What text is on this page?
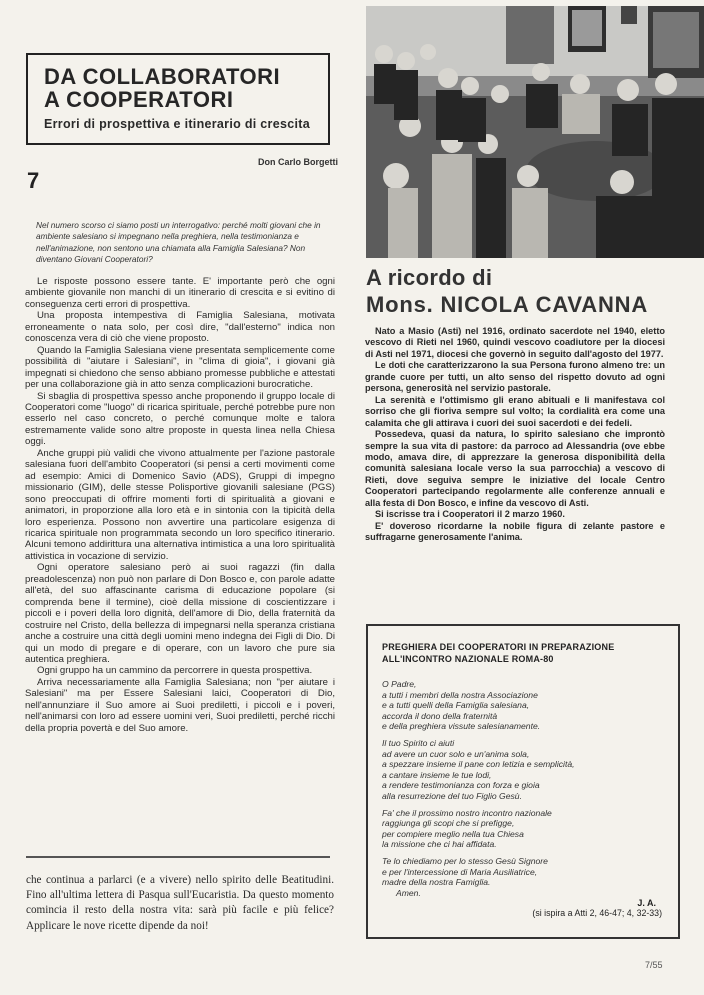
DA COLLABORATORI
A COOPERATORI
Errori di prospettiva e itinerario di crescita
Don Carlo Borgetti
7
Nel numero scorso ci siamo posti un interrogativo: perché molti giovani che in ambiente salesiano si impegnano nella preghiera, nella testimonianza e nell'animazione, non sentono una chiamata alla Famiglia Salesiana? Non diventano Giovani Cooperatori?

Le risposte possono essere tante. E' importante però che ogni ambiente giovanile non manchi di un itinerario di crescita e si evitino di conseguenza certi errori di prospettiva.

Una proposta intempestiva di Famiglia Salesiana, motivata erroneamente o nata solo, per così dire, "dall'esterno" indica non conoscenza vera di ciò che viene proposto.

Quando la Famiglia Salesiana viene presentata semplicemente come possibilità di "aiutare i Salesiani", in "clima di gioia", i giovani già impegnati si chiedono che senso abbiano promesse pubbliche e attestati per una collaborazione già in atto senza complicazioni burocratiche.

Si sbaglia di prospettiva spesso anche proponendo il gruppo locale di Cooperatori come "luogo" di ricarica spirituale, perché potrebbe pure non esserlo nel caso concreto, o perché comunque molte e talora estremamente valide sono altre proposte in questa linea nella Chiesa oggi.

Anche gruppi più validi che vivono attualmente per l'azione pastorale salesiana fuori dell'ambito Cooperatori (si pensi a certi movimenti come ad esempio: Amici di Domenico Savio (ADS), Gruppi di impegno missionario (GIM), delle stesse Polisportive giovanili salesiane (PGS) sono preoccupati di offrire momenti forti di spiritualità a giovani e animatori, in proporzione alla loro età e in sintonia con la tipicità della loro esperienza. Possono non avvertire una particolare esigenza di ricarica spirituale non programmata secondo un loro specifico itinerario. Alcuni temono addirittura una alternativa intimistica a una loro spiritualità attivistica in vocazione di servizio.

Ogni operatore salesiano però ai suoi ragazzi (fin dalla preadolescenza) non può non parlare di Don Bosco e, con parole adatte all'età, del suo affascinante carisma di educazione popolare (si comprenda bene il termine), cioè della missione di coscientizzare i piccoli e i poveri della loro dignità, dell'amore di Dio, della fraternità da costruire nel Cristo, della bellezza di impegnarsi nella speranza cristiana anche a costruire una città degli uomini meno indegna dei Figli di Dio. Di qui un modo di pregare e di operare, con un lavoro che pure sia autentica preghiera.

Ogni gruppo ha un cammino da percorrere in questa prospettiva.

Arriva necessariamente alla Famiglia Salesiana; non "per aiutare i Salesiani" ma per Essere Salesiani laici, Cooperatori di Dio, nell'annunziare il Suo amore ai Suoi prediletti, i piccoli e i poveri, nell'animarsi con loro ad essere uomini veri, Suoi prediletti, perché ricchi della propria povertà e del Suo amore.

che continua a parlarci (e a vivere) nello spirito delle Beatitudini. Fino all'ultima lettera di Pasqua sull'Eucaristia. Da questo momento comincia il resto della nostra vita: sarà più facile e più felice? Applicare le nove ricette dipende da noi!
A ricordo di
Mons. NICOLA CAVANNA

Nato a Masio (Asti) nel 1916, ordinato sacerdote nel 1940, eletto vescovo di Rieti nel 1960, quindi vescovo coadiutore per la diocesi di Asti nel 1971, diocesi che governò in seguito dall'agosto del 1977.

Le doti che caratterizzarono la sua Persona furono almeno tre: un grande cuore per tutti, un alto senso del rispetto dovuto ad ogni persona, generosità nel servizio pastorale.

La serenità e l'ottimismo gli erano abituali e li manifestava col sorriso che gli fioriva sempre sul volto; la cordialità era come una calamita che gli attirava i cuori dei suoi sacerdoti e dei fedeli.

Possedeva, quasi da natura, lo spirito salesiano che improntò sempre la sua vita di pastore: da parroco ad Alessandria (ove ebbe modo, amava dire, di apprezzare la generosa disponibilità della comunità salesiana locale verso la sua parrocchia) a vescovo di Rieti, dove seguiva sempre le iniziative del locale Centro Cooperatori partecipando regolarmente alle conferenze annuali e alla festa di Don Bosco, e infine da vescovo di Asti.

Si iscrisse tra i Cooperatori il 2 marzo 1960.

E' doveroso ricordarne la nobile figura di zelante pastore e suffragarne generosamente l'anima.

PREGHIERA DEI COOPERATORI IN PREPARAZIONE ALL'INCONTRO NAZIONALE ROMA-80
O Padre,
a tutti i membri della nostra Associazione
e a tutti quelli della Famiglia salesiana,
accorda il dono della fraternità
e della preghiera vissute salesianamente.
Il tuo Spirito ci aiuti
ad avere un cuor solo e un'anima sola,
a spezzare insieme il pane con letizia e semplicità,
a cantare insieme le tue lodi,
a rendere testimonianza con forza e gioia
alla resurrezione del tuo Figlio Gesù.
Fa' che il prossimo nostro incontro nazionale
raggiunga gli scopi che si prefigge,
per compiere meglio nella tua Chiesa
la missione che ci hai affidata.
Te lo chiediamo per lo stesso Gesù Signore
e per l'intercessione di Maria Ausiliatrice,
madre della nostra Famiglia.
Amen.
J. A.
(si ispira a Atti 2, 46-47; 4, 32-33)
7/55
